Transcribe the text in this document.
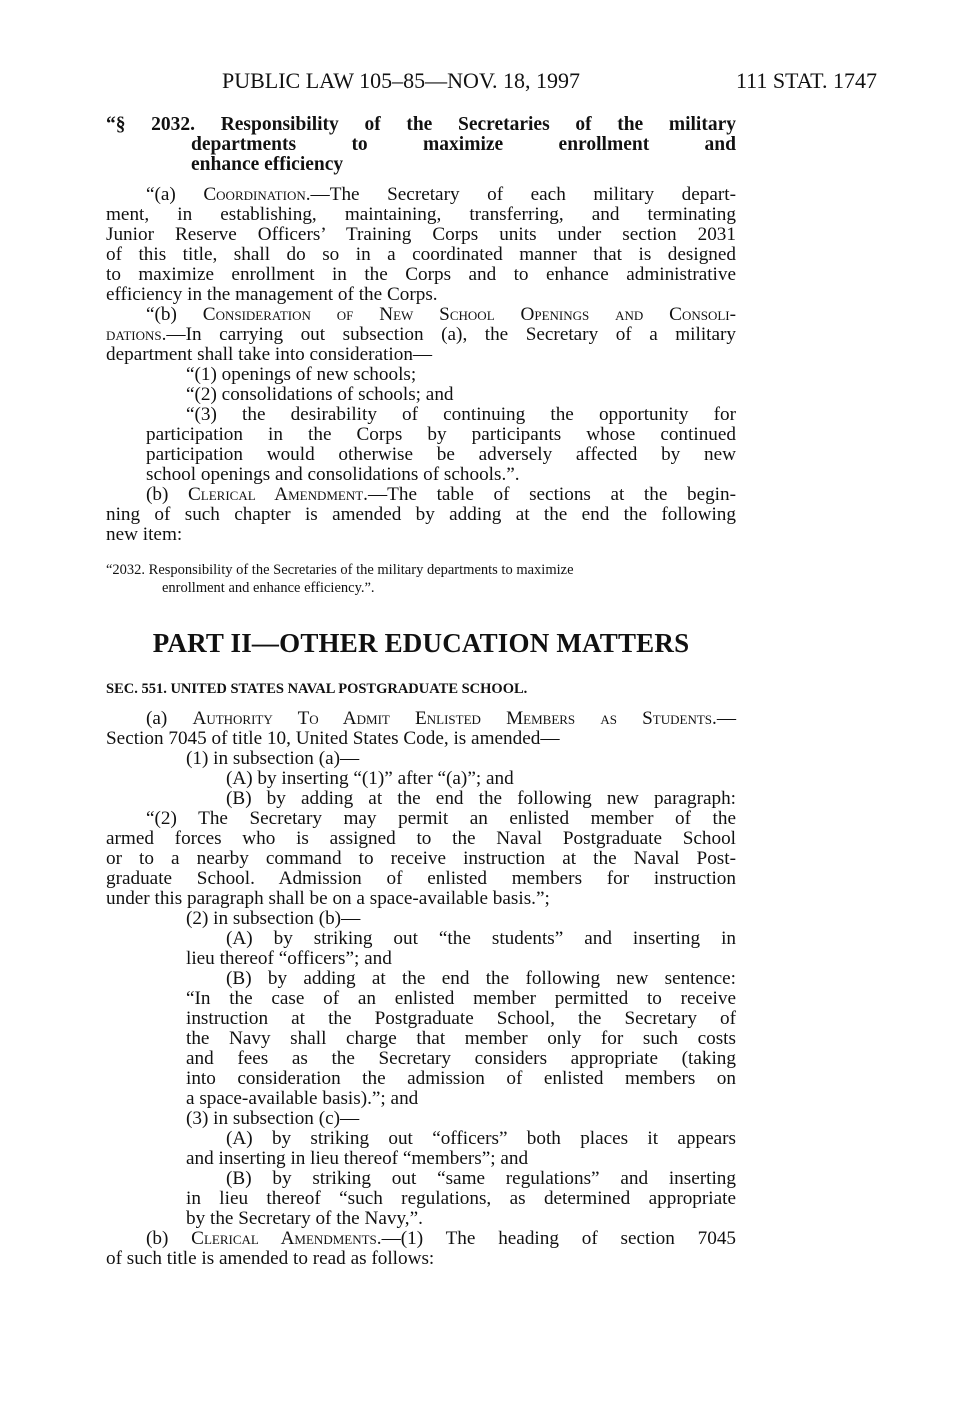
PUBLIC LAW 105–85—NOV. 18, 1997	111 STAT. 1747
“§ 2032. Responsibility of the Secretaries of the military
departments to maximize enrollment and
enhance efficiency
“(a) Coordination.—The Secretary of each military depart-
ment, in establishing, maintaining, transferring, and terminating
Junior Reserve Officers’ Training Corps units under section 2031
of this title, shall do so in a coordinated manner that is designed
to maximize enrollment in the Corps and to enhance administrative
efficiency in the management of the Corps.
“(b) Consideration of New School Openings and Consoli-
dations.—In carrying out subsection (a), the Secretary of a military
department shall take into consideration—
“(1) openings of new schools;
“(2) consolidations of schools; and
“(3) the desirability of continuing the opportunity for
participation in the Corps by participants whose continued
participation would otherwise be adversely affected by new
school openings and consolidations of schools.”.
(b) Clerical Amendment.—The table of sections at the begin-
ning of such chapter is amended by adding at the end the following
new item:
“2032. Responsibility of the Secretaries of the military departments to maximize
enrollment and enhance efficiency.”.
PART II—OTHER EDUCATION MATTERS
SEC. 551. UNITED STATES NAVAL POSTGRADUATE SCHOOL.
(a) Authority To Admit Enlisted Members as Students.—
Section 7045 of title 10, United States Code, is amended—
(1) in subsection (a)—
(A) by inserting “(1)” after “(a)”; and
(B) by adding at the end the following new paragraph:
“(2) The Secretary may permit an enlisted member of the
armed forces who is assigned to the Naval Postgraduate School
or to a nearby command to receive instruction at the Naval Post-
graduate School. Admission of enlisted members for instruction
under this paragraph shall be on a space-available basis.”;
(2) in subsection (b)—
(A) by striking out “the students” and inserting in
lieu thereof “officers”; and
(B) by adding at the end the following new sentence:
“In the case of an enlisted member permitted to receive
instruction at the Postgraduate School, the Secretary of
the Navy shall charge that member only for such costs
and fees as the Secretary considers appropriate (taking
into consideration the admission of enlisted members on
a space-available basis).”; and
(3) in subsection (c)—
(A) by striking out “officers” both places it appears
and inserting in lieu thereof “members”; and
(B) by striking out “same regulations” and inserting
in lieu thereof “such regulations, as determined appropriate
by the Secretary of the Navy,”.
(b) Clerical Amendments.—(1) The heading of section 7045
of such title is amended to read as follows:
